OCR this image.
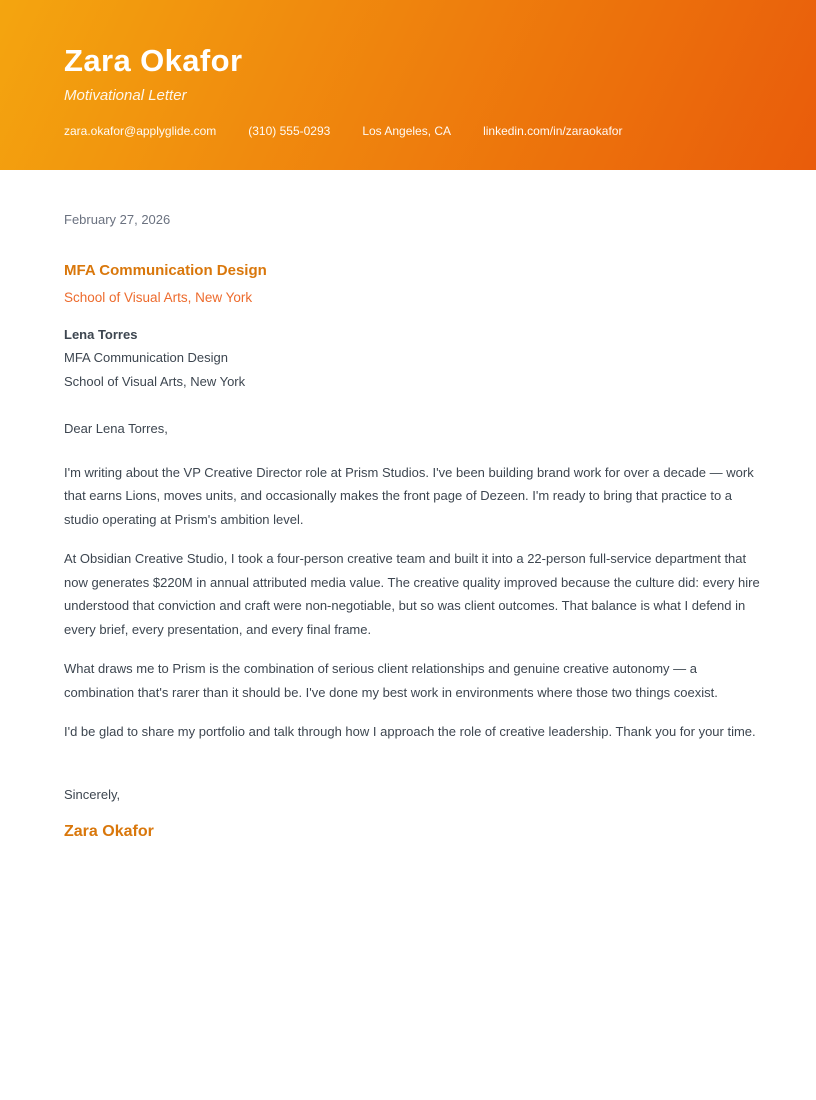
Zara Okafor
Motivational Letter
zara.okafor@applyglide.com	(310) 555-0293	Los Angeles, CA	linkedin.com/in/zaraokafor
February 27, 2026
MFA Communication Design
School of Visual Arts, New York
Lena Torres
MFA Communication Design
School of Visual Arts, New York

Dear Lena Torres,

I'm writing about the VP Creative Director role at Prism Studios. I've been building brand work for over a decade — work that earns Lions, moves units, and occasionally makes the front page of Dezeen. I'm ready to bring that practice to a studio operating at Prism's ambition level.

At Obsidian Creative Studio, I took a four-person creative team and built it into a 22-person full-service department that now generates $220M in annual attributed media value. The creative quality improved because the culture did: every hire understood that conviction and craft were non-negotiable, but so was client outcomes. That balance is what I defend in every brief, every presentation, and every final frame.

What draws me to Prism is the combination of serious client relationships and genuine creative autonomy — a combination that's rarer than it should be. I've done my best work in environments where those two things coexist.

I'd be glad to share my portfolio and talk through how I approach the role of creative leadership. Thank you for your time.

Sincerely,

Zara Okafor
